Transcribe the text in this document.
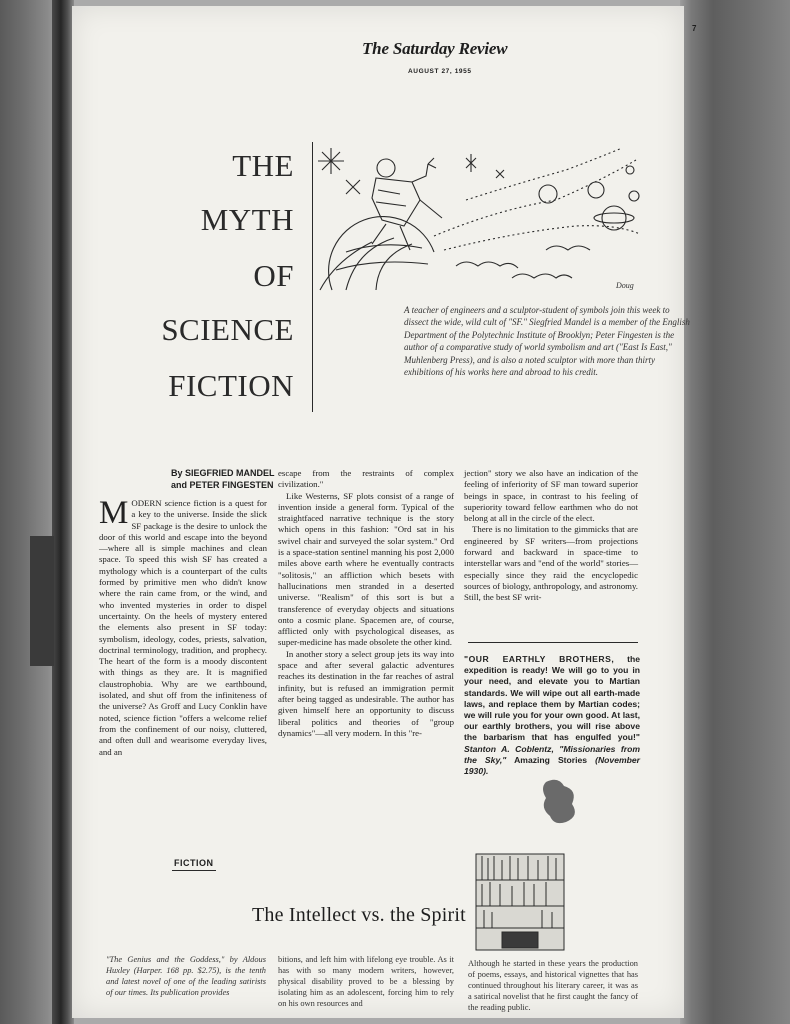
The Saturday Review
AUGUST 27, 1955
7
THE
MYTH
OF
SCIENCE
FICTION
Doug
A teacher of engineers and a sculptor-student of symbols join this week to dissect the wide, wild cult of "SF." Siegfried Mandel is a member of the English Department of the Polytechnic Institute of Brooklyn; Peter Fingesten is the author of a comparative study of world symbolism and art ("East Is East," Muhlenberg Press), and is also a noted sculptor with more than thirty exhibitions of his works here and abroad to his credit.
By SIEGFRIED MANDEL
and PETER FINGESTEN
M ODERN science fiction is a quest for a key to the universe. Inside the slick SF package is the desire to unlock the door of this world and escape into the beyond—where all is simple machines and clean space. To speed this wish SF has created a mythology which is a counterpart of the cults formed by primitive men who didn't know where the rain came from, or the wind, and who invented mysteries in order to dispel uncertainty. On the heels of mystery entered the elements also present in SF today: symbolism, ideology, codes, priests, salvation, doctrinal terminology, tradition, and prophecy. The heart of the form is a moody discontent with things as they are. It is magnified claustrophobia. Why are we earthbound, isolated, and shut off from the infiniteness of the universe? As Groff and Lucy Conklin have noted, science fiction "offers a welcome relief from the confinement of our noisy, cluttered, and often dull and wearisome everyday lives, and an

escape from the restraints of complex civilization."

Like Westerns, SF plots consist of a range of invention inside a general form. Typical of the straightfaced narrative technique is the story which opens in this fashion: "Ord sat in his swivel chair and surveyed the solar system." Ord is a space-station sentinel manning his post 2,000 miles above earth where he eventually contracts "solitosis," an affliction which besets with hallucinations men stranded in a deserted universe. "Realism" of this sort is but a transference of everyday objects and situations onto a cosmic plane. Spacemen are, of course, afflicted only with psychological diseases, as super-medicine has made obsolete the other kind.

In another story a select group jets its way into space and after several galactic adventures reaches its destination in the far reaches of astral infinity, but is refused an immigration permit after being tagged as undesirable. The author has given himself here an opportunity to discuss liberal politics and theories of "group dynamics"—all very modern. In this "re-

jection" story we also have an indication of the feeling of inferiority of SF man toward superior beings in space, in contrast to his feeling of superiority toward fellow earthmen who do not belong at all in the circle of the elect.

There is no limitation to the gimmicks that are engineered by SF writers—from projections forward and backward in space-time to interstellar wars and "end of the world" stories—especially since they raid the encyclopedic sources of biology, anthropology, and astronomy. Still, the best SF writ-

"OUR EARTHLY BROTHERS, the expedition is ready! We will go to you in your need, and elevate you to Martian standards. We will wipe out all earth-made laws, and replace them by Martian codes; we will rule you for your own good. At last, our earthly brothers, you will rise above the barbarism that has engulfed you!" Stanton A. Coblentz, "Missionaries from the Sky," Amazing Stories (November 1930).
FICTION
The Intellect vs. the Spirit
"The Genius and the Goddess," by Aldous Huxley (Harper. 168 pp. $2.75), is the tenth and latest novel of one of the leading satirists of our times. Its publication provides
bitions, and left him with lifelong eye trouble. As it has with so many modern writers, however, physical disability proved to be a blessing by isolating him as an adolescent, forcing him to rely on his own resources and
Although he started in these years the production of poems, essays, and historical vignettes that has continued throughout his literary career, it was as a satirical novelist that he first caught the fancy of the reading public.
